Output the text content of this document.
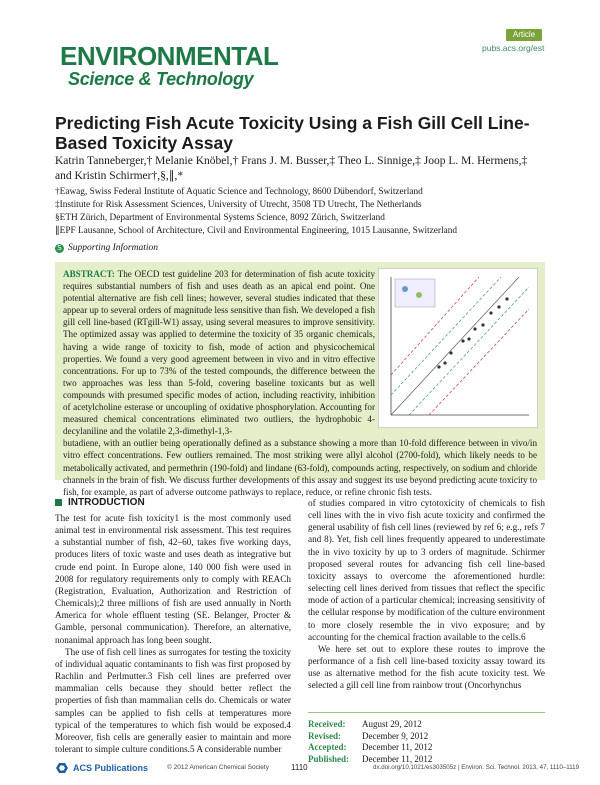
ENVIRONMENTAL
Science & Technology
Article
pubs.acs.org/est
Predicting Fish Acute Toxicity Using a Fish Gill Cell Line-Based Toxicity Assay
Katrin Tanneberger,† Melanie Knöbel,† Frans J. M. Busser,‡ Theo L. Sinnige,‡ Joop L. M. Hermens,‡ and Kristin Schirmer†,§,∥,*
†Eawag, Swiss Federal Institute of Aquatic Science and Technology, 8600 Dübendorf, Switzerland
‡Institute for Risk Assessment Sciences, University of Utrecht, 3508 TD Utrecht, The Netherlands
§ETH Zürich, Department of Environmental Systems Science, 8092 Zürich, Switzerland
∥EPF Lausanne, School of Architecture, Civil and Environmental Engineering, 1015 Lausanne, Switzerland
S Supporting Information
ABSTRACT: The OECD test guideline 203 for determination of fish acute toxicity requires substantial numbers of fish and uses death as an apical end point. One potential alternative are fish cell lines; however, several studies indicated that these appear up to several orders of magnitude less sensitive than fish. We developed a fish gill cell line-based (RTgill-W1) assay, using several measures to improve sensitivity. The optimized assay was applied to determine the toxicity of 35 organic chemicals, having a wide range of toxicity to fish, mode of action and physicochemical properties. We found a very good agreement between in vivo and in vitro effective concentrations. For up to 73% of the tested compounds, the difference between the two approaches was less than 5-fold, covering baseline toxicants but as well compounds with presumed specific modes of action, including reactivity, inhibition of acetylcholine esterase or uncoupling of oxidative phosphorylation. Accounting for measured chemical concentrations eliminated two outliers, the hydrophobic 4-decylaniline and the volatile 2,3-dimethyl-1,3-
butadiene, with an outlier being operationally defined as a substance showing a more than 10-fold difference between in vivo/in vitro effect concentrations. Few outliers remained. The most striking were allyl alcohol (2700-fold), which likely needs to be metabolically activated, and permethrin (190-fold) and lindane (63-fold), compounds acting, respectively, on sodium and chloride channels in the brain of fish. We discuss further developments of this assay and suggest its use beyond predicting acute toxicity to fish, for example, as part of adverse outcome pathways to replace, reduce, or refine chronic fish tests.
INTRODUCTION

The test for acute fish toxicity1 is the most commonly used animal test in environmental risk assessment. This test requires a substantial number of fish, 42–60, takes five working days, produces liters of toxic waste and uses death as integrative but crude end point. In Europe alone, 140 000 fish were used in 2008 for regulatory requirements only to comply with REACh (Registration, Evaluation, Authorization and Restriction of Chemicals);2 three millions of fish are used annually in North America for whole effluent testing (SE. Belanger, Procter & Gamble, personal communication). Therefore, an alternative, nonanimal approach has long been sought.

The use of fish cell lines as surrogates for testing the toxicity of individual aquatic contaminants to fish was first proposed by Rachlin and Perlmutter.3 Fish cell lines are preferred over mammalian cells because they should better reflect the properties of fish than mammalian cells do. Chemicals or water samples can be applied to fish cells at temperatures more typical of the temperatures to which fish would be exposed.4 Moreover, fish cells are generally easier to maintain and more tolerant to simple culture conditions.5 A considerable number

of studies compared in vitro cytotoxicity of chemicals to fish cell lines with the in vivo fish acute toxicity and confirmed the general usability of fish cell lines (reviewed by ref 6; e.g., refs 7 and 8). Yet, fish cell lines frequently appeared to underestimate the in vivo toxicity by up to 3 orders of magnitude. Schirmer proposed several routes for advancing fish cell line-based toxicity assays to overcome the aforementioned hurdle: selecting cell lines derived from tissues that reflect the specific mode of action of a particular chemical; increasing sensitivity of the cellular response by modification of the culture environment to more closely resemble the in vivo exposure; and by accounting for the chemical fraction available to the cells.6

We here set out to explore these routes to improve the performance of a fish cell line-based toxicity assay toward its use as alternative method for the fish acute toxicity test. We selected a gill cell line from rainbow trout (Oncorhynchus

Received:	August 29, 2012
Revised:	December 9, 2012
Accepted:	December 11, 2012
Published:	December 11, 2012
ACS Publications	© 2012 American Chemical Society	1110	dx.doi.org/10.1021/es303505z | Environ. Sci. Technol. 2013, 47, 1110–1119
